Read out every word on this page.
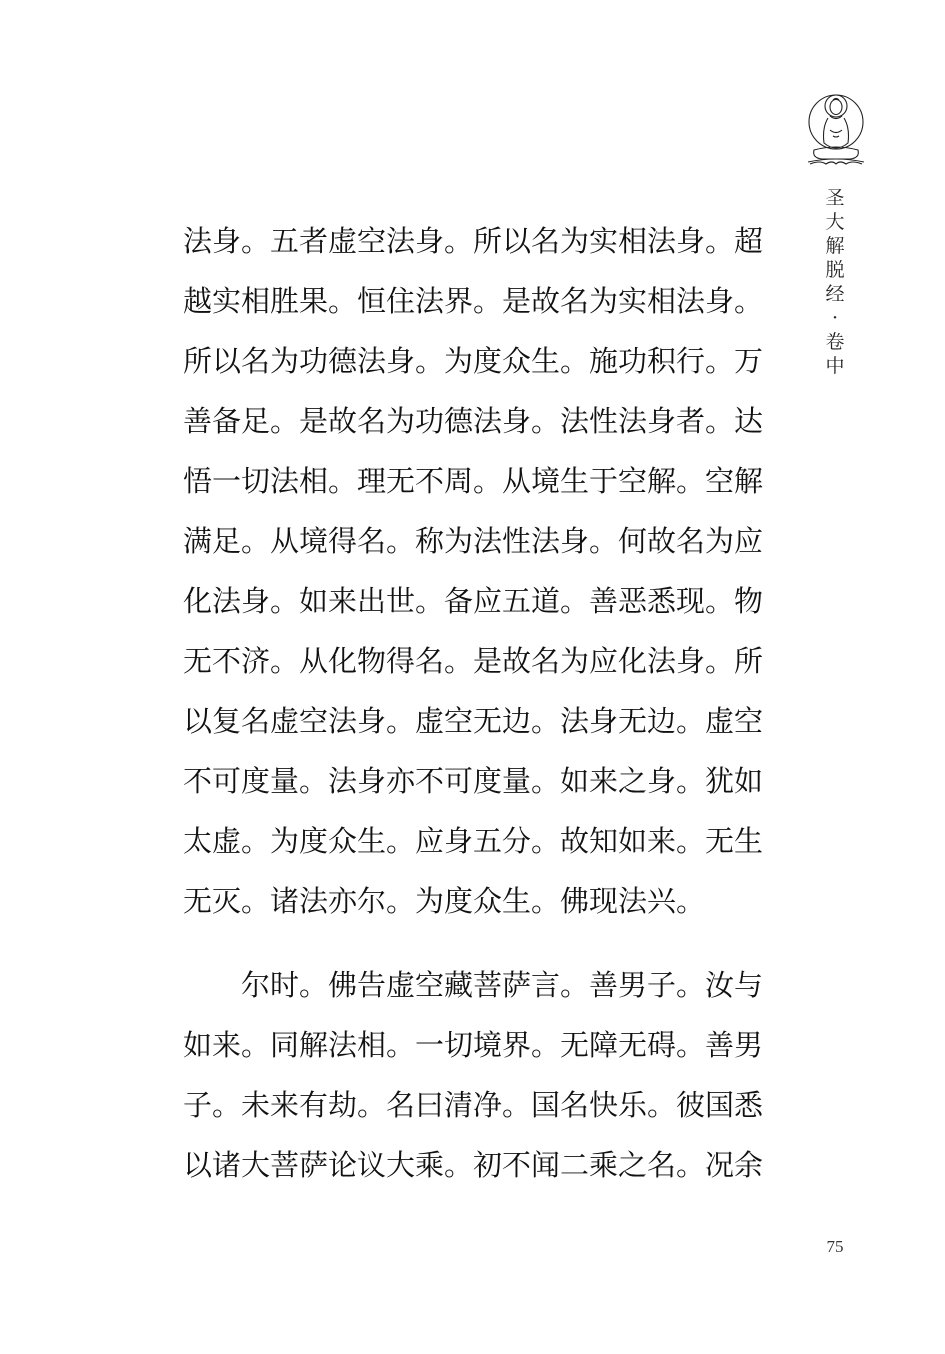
圣
大
解
脱
经
·
卷
中
法身。五者虚空法身。所以名为实相法身。超
越实相胜果。恒住法界。是故名为实相法身。
所以名为功德法身。为度众生。施功积行。万
善备足。是故名为功德法身。法性法身者。达
悟一切法相。理无不周。从境生于空解。空解
满足。从境得名。称为法性法身。何故名为应
化法身。如来出世。备应五道。善恶悉现。物
无不济。从化物得名。是故名为应化法身。所
以复名虚空法身。虚空无边。法身无边。虚空
不可度量。法身亦不可度量。如来之身。犹如
太虚。为度众生。应身五分。故知如来。无生
无灭。诸法亦尔。为度众生。佛现法兴。
尔时。佛告虚空藏菩萨言。善男子。汝与
如来。同解法相。一切境界。无障无碍。善男
子。未来有劫。名曰清净。国名快乐。彼国悉
以诸大菩萨论议大乘。初不闻二乘之名。况余
75
